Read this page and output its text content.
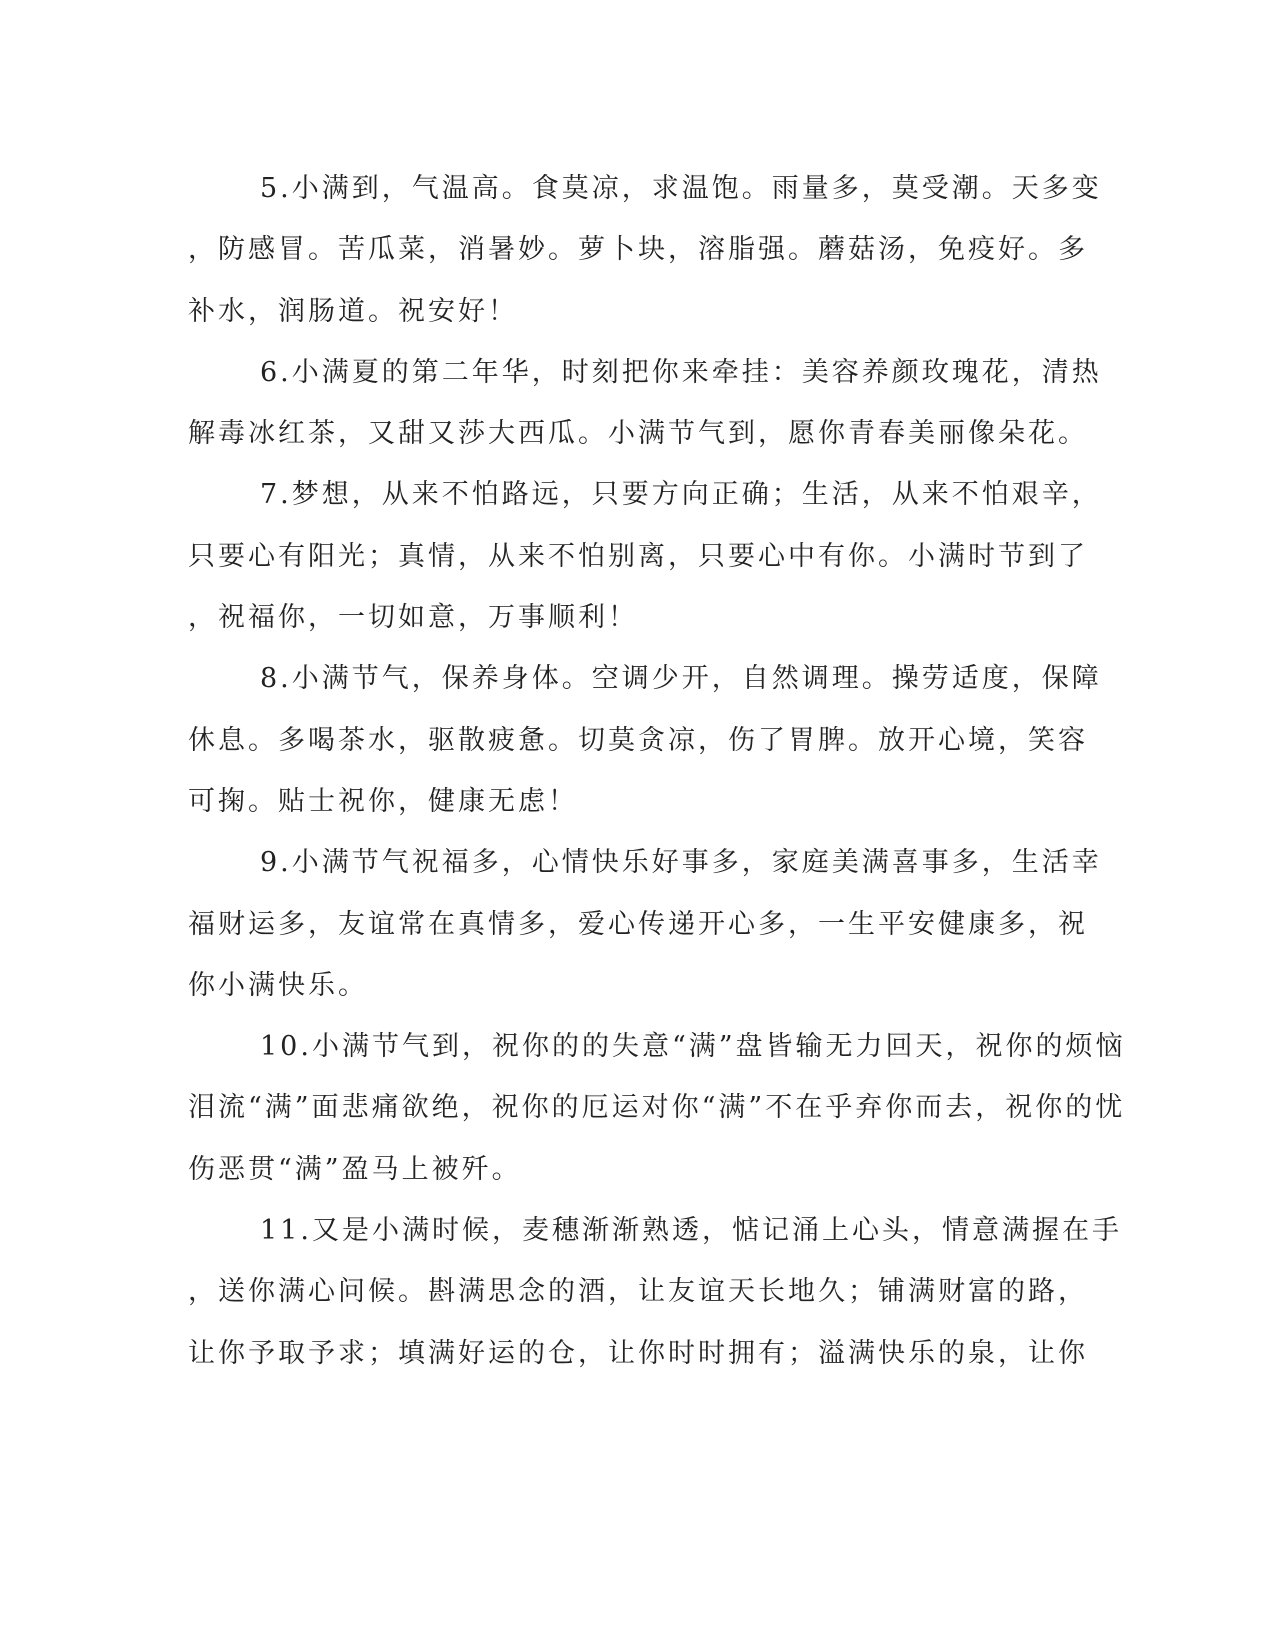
5.小满到，气温高。食莫凉，求温饱。雨量多，莫受潮。天多变
，防感冒。苦瓜菜，消暑妙。萝卜块，溶脂强。蘑菇汤，免疫好。多
补水，润肠道。祝安好！
6.小满夏的第二年华，时刻把你来牵挂：美容养颜玫瑰花，清热
解毒冰红茶，又甜又莎大西瓜。小满节气到，愿你青春美丽像朵花。
7.梦想，从来不怕路远，只要方向正确；生活，从来不怕艰辛，
只要心有阳光；真情，从来不怕别离，只要心中有你。小满时节到了
，祝福你，一切如意，万事顺利！
8.小满节气，保养身体。空调少开，自然调理。操劳适度，保障
休息。多喝茶水，驱散疲惫。切莫贪凉，伤了胃脾。放开心境，笑容
可掬。贴士祝你，健康无虑！
9.小满节气祝福多，心情快乐好事多，家庭美满喜事多，生活幸
福财运多，友谊常在真情多，爱心传递开心多，一生平安健康多，祝
你小满快乐。
10.小满节气到，祝你的的失意“满”盘皆输无力回天，祝你的烦恼
泪流“满”面悲痛欲绝，祝你的厄运对你“满”不在乎弃你而去，祝你的忧
伤恶贯“满”盈马上被歼。
11.又是小满时候，麦穗渐渐熟透，惦记涌上心头，情意满握在手
，送你满心问候。斟满思念的酒，让友谊天长地久；铺满财富的路，
让你予取予求；填满好运的仓，让你时时拥有；溢满快乐的泉，让你
